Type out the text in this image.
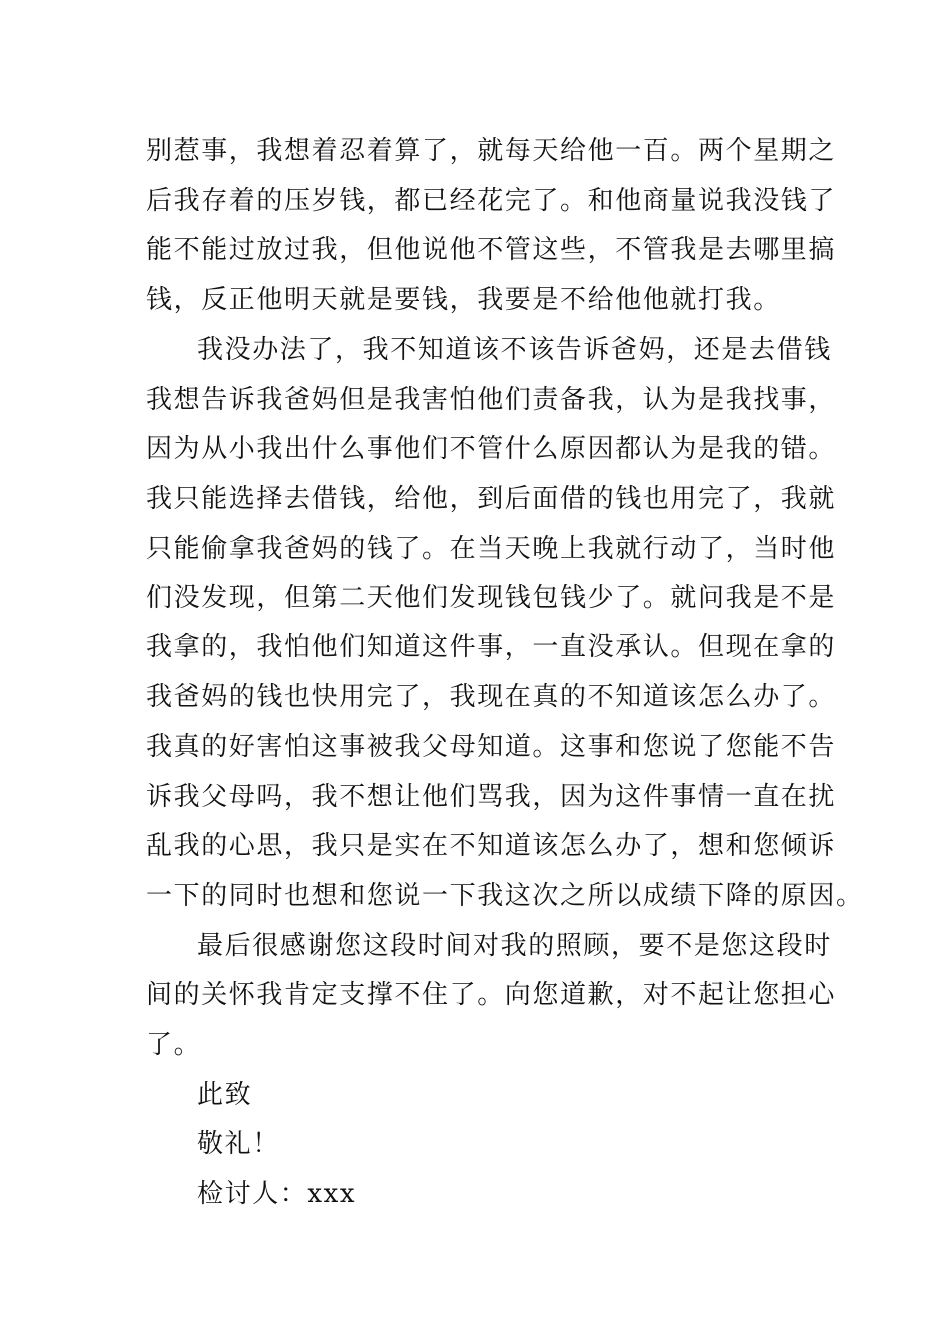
别惹事，我想着忍着算了，就每天给他一百。两个星期之
后我存着的压岁钱，都已经花完了。和他商量说我没钱了
能不能过放过我，但他说他不管这些，不管我是去哪里搞
钱，反正他明天就是要钱，我要是不给他他就打我。
我没办法了，我不知道该不该告诉爸妈，还是去借钱
我想告诉我爸妈但是我害怕他们责备我，认为是我找事，
因为从小我出什么事他们不管什么原因都认为是我的错。
我只能选择去借钱，给他，到后面借的钱也用完了，我就
只能偷拿我爸妈的钱了。在当天晚上我就行动了，当时他
们没发现，但第二天他们发现钱包钱少了。就问我是不是
我拿的，我怕他们知道这件事，一直没承认。但现在拿的
我爸妈的钱也快用完了，我现在真的不知道该怎么办了。
我真的好害怕这事被我父母知道。这事和您说了您能不告
诉我父母吗，我不想让他们骂我，因为这件事情一直在扰
乱我的心思，我只是实在不知道该怎么办了，想和您倾诉
一下的同时也想和您说一下我这次之所以成绩下降的原因。
最后很感谢您这段时间对我的照顾，要不是您这段时
间的关怀我肯定支撑不住了。向您道歉，对不起让您担心
了。
此致
敬礼！
检讨人：xxx
